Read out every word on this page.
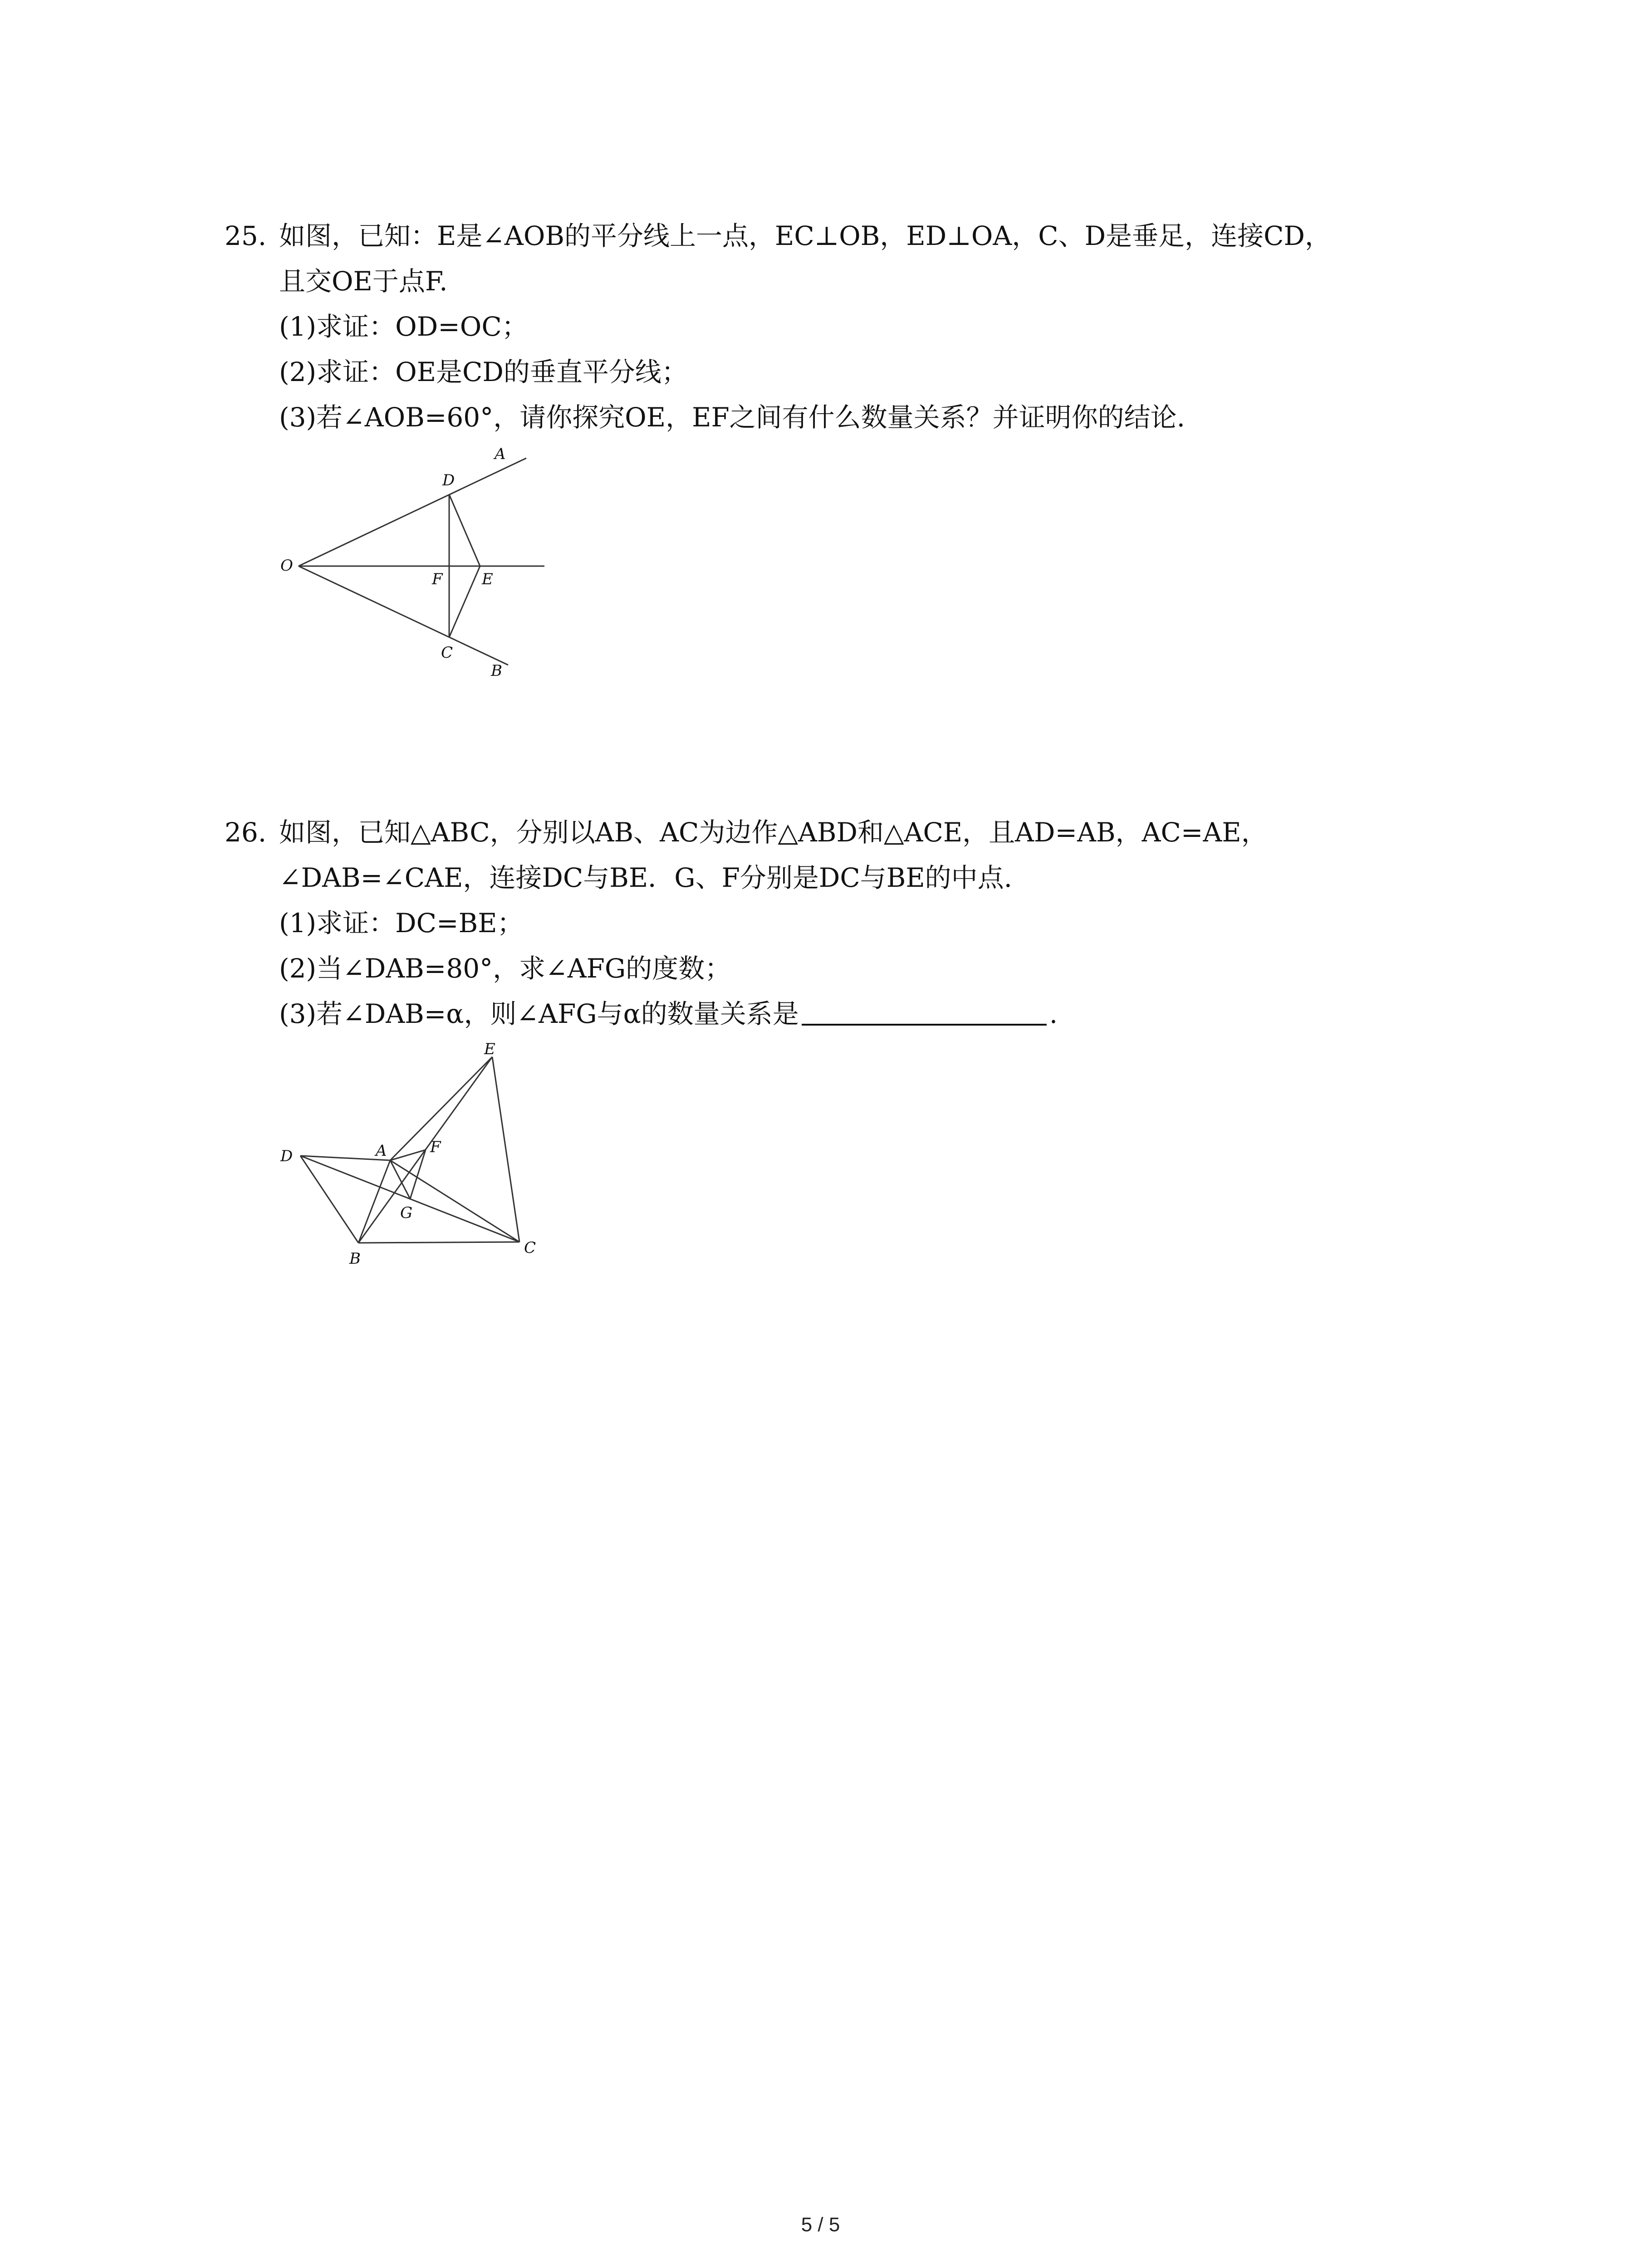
25. 如图，已知：E是∠AOB的平分线上一点，EC⊥OB，ED⊥OA，C、D是垂足，连接CD，
且交OE于点F.
(1)求证：OD=OC；
(2)求证：OE是CD的垂直平分线；
(3)若∠AOB=60°，请你探究OE，EF之间有什么数量关系？并证明你的结论.
A
D
O
F	E
C
B
26. 如图，已知△ABC，分别以AB、AC为边作△ABD和△ACE，且AD=AB，AC=AE，
∠DAB=∠CAE，连接DC与BE．G、F分别是DC与BE的中点.
(1)求证：DC=BE；
(2)当∠DAB=80°，求∠AFG的度数；
(3)若∠DAB=α，则∠AFG与α的数量关系是	.
E
D	A	F
G
B
C
5 / 5
